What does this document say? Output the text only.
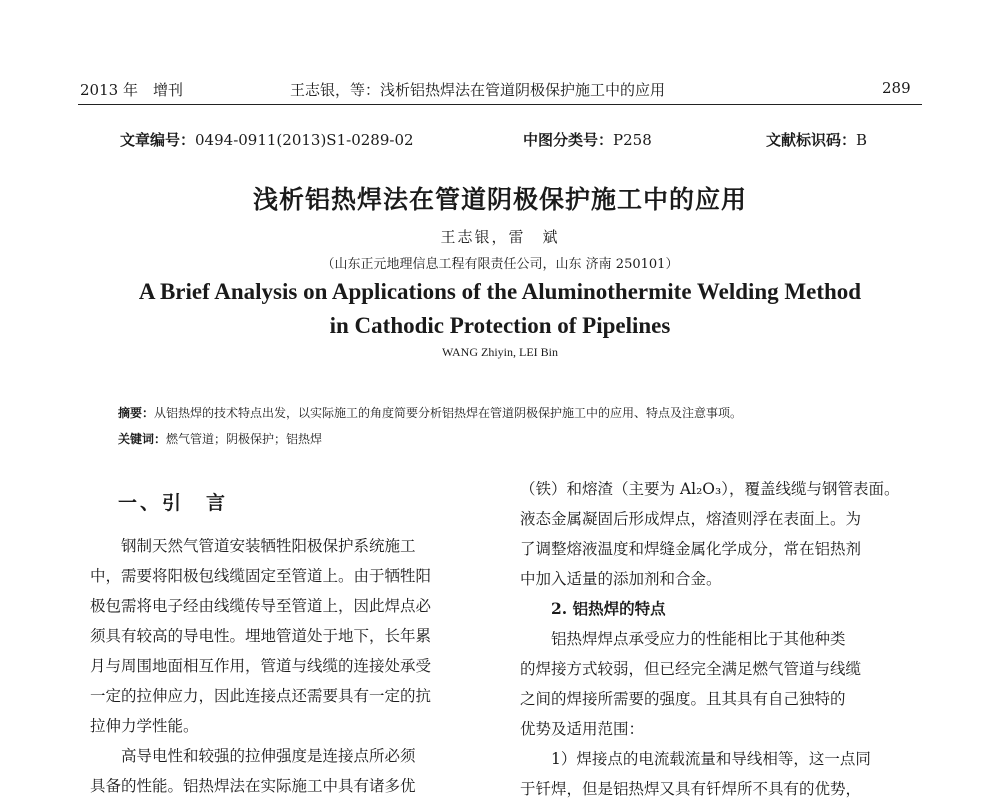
2013 年　增刊	王志银，等：浅析铝热焊法在管道阴极保护施工中的应用	289
文章编号：0494-0911(2013)S1-0289-02	中图分类号：P258	文献标识码：B
浅析铝热焊法在管道阴极保护施工中的应用
王志银，雷　斌
（山东正元地理信息工程有限责任公司，山东 济南 250101）
A Brief Analysis on Applications of the Aluminothermite Welding Method
in Cathodic Protection of Pipelines
WANG Zhiyin, LEI Bin
摘要：从铝热焊的技术特点出发，以实际施工的角度简要分析铝热焊在管道阴极保护施工中的应用、特点及注意事项。
关键词：燃气管道；阴极保护；铝热焊
一、引　言

　　钢制天然气管道安装牺牲阳极保护系统施工

中，需要将阳极包线缆固定至管道上。由于牺牲阳

极包需将电子经由线缆传导至管道上，因此焊点必

须具有较高的导电性。埋地管道处于地下，长年累

月与周围地面相互作用，管道与线缆的连接处承受

一定的拉伸应力，因此连接点还需要具有一定的抗

拉伸力学性能。

　　高导电性和较强的拉伸强度是连接点所必须

具备的性能。铝热焊法在实际施工中具有诸多优

（铁）和熔渣（主要为 Al₂O₃），覆盖线缆与钢管表面。

液态金属凝固后形成焊点，熔渣则浮在表面上。为

了调整熔液温度和焊缝金属化学成分，常在铝热剂

中加入适量的添加剂和合金。

　　2. 铝热焊的特点

　　铝热焊焊点承受应力的性能相比于其他种类

的焊接方式较弱，但已经完全满足燃气管道与线缆

之间的焊接所需要的强度。且其具有自己独特的

优势及适用范围：

　　1）焊接点的电流载流量和导线相等，这一点同

于钎焊，但是铝热焊又具有钎焊所不具有的优势，
